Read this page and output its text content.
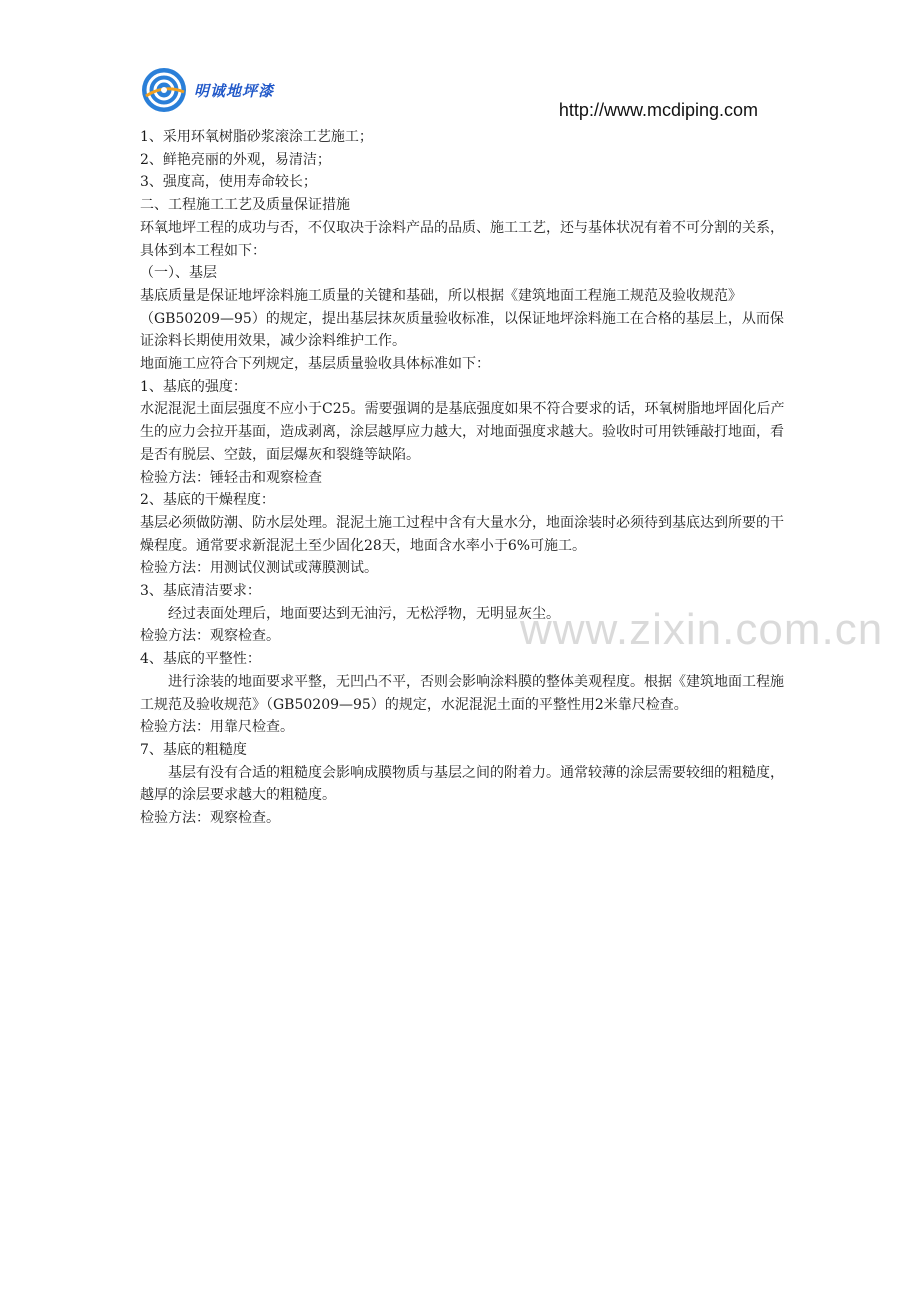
明诚地坪漆
http://www.mcdiping.com
www.zixin.com.cn

1、采用环氧树脂砂浆滚涂工艺施工；

2、鲜艳亮丽的外观，易清洁；

3、强度高，使用寿命较长；

二、工程施工工艺及质量保证措施

环氧地坪工程的成功与否，不仅取决于涂料产品的品质、施工工艺，还与基体状况有着不可分割的关系，具体到本工程如下：

（一）、基层

基底质量是保证地坪涂料施工质量的关键和基础，所以根据《建筑地面工程施工规范及验收规范》（GB50209—95）的规定，提出基层抹灰质量验收标准，以保证地坪涂料施工在合格的基层上，从而保证涂料长期使用效果，减少涂料维护工作。

地面施工应符合下列规定，基层质量验收具体标准如下：

1、基底的强度：

水泥混泥土面层强度不应小于C25。需要强调的是基底强度如果不符合要求的话，环氧树脂地坪固化后产生的应力会拉开基面，造成剥离，涂层越厚应力越大，对地面强度求越大。验收时可用铁锤敲打地面，看是否有脱层、空鼓，面层爆灰和裂缝等缺陷。

检验方法：锤轻击和观察检查

2、基底的干燥程度：

基层必须做防潮、防水层处理。混泥土施工过程中含有大量水分，地面涂装时必须待到基底达到所要的干燥程度。通常要求新混泥土至少固化28天，地面含水率小于6%可施工。

检验方法：用测试仪测试或薄膜测试。

3、基底清洁要求：

经过表面处理后，地面要达到无油污，无松浮物，无明显灰尘。

检验方法：观察检查。

4、基底的平整性：

进行涂装的地面要求平整，无凹凸不平，否则会影响涂料膜的整体美观程度。根据《建筑地面工程施工规范及验收规范》（GB50209—95）的规定，水泥混泥土面的平整性用2米靠尺检查。

检验方法：用靠尺检查。

7、基底的粗糙度

基层有没有合适的粗糙度会影响成膜物质与基层之间的附着力。通常较薄的涂层需要较细的粗糙度，越厚的涂层要求越大的粗糙度。

检验方法：观察检查。
